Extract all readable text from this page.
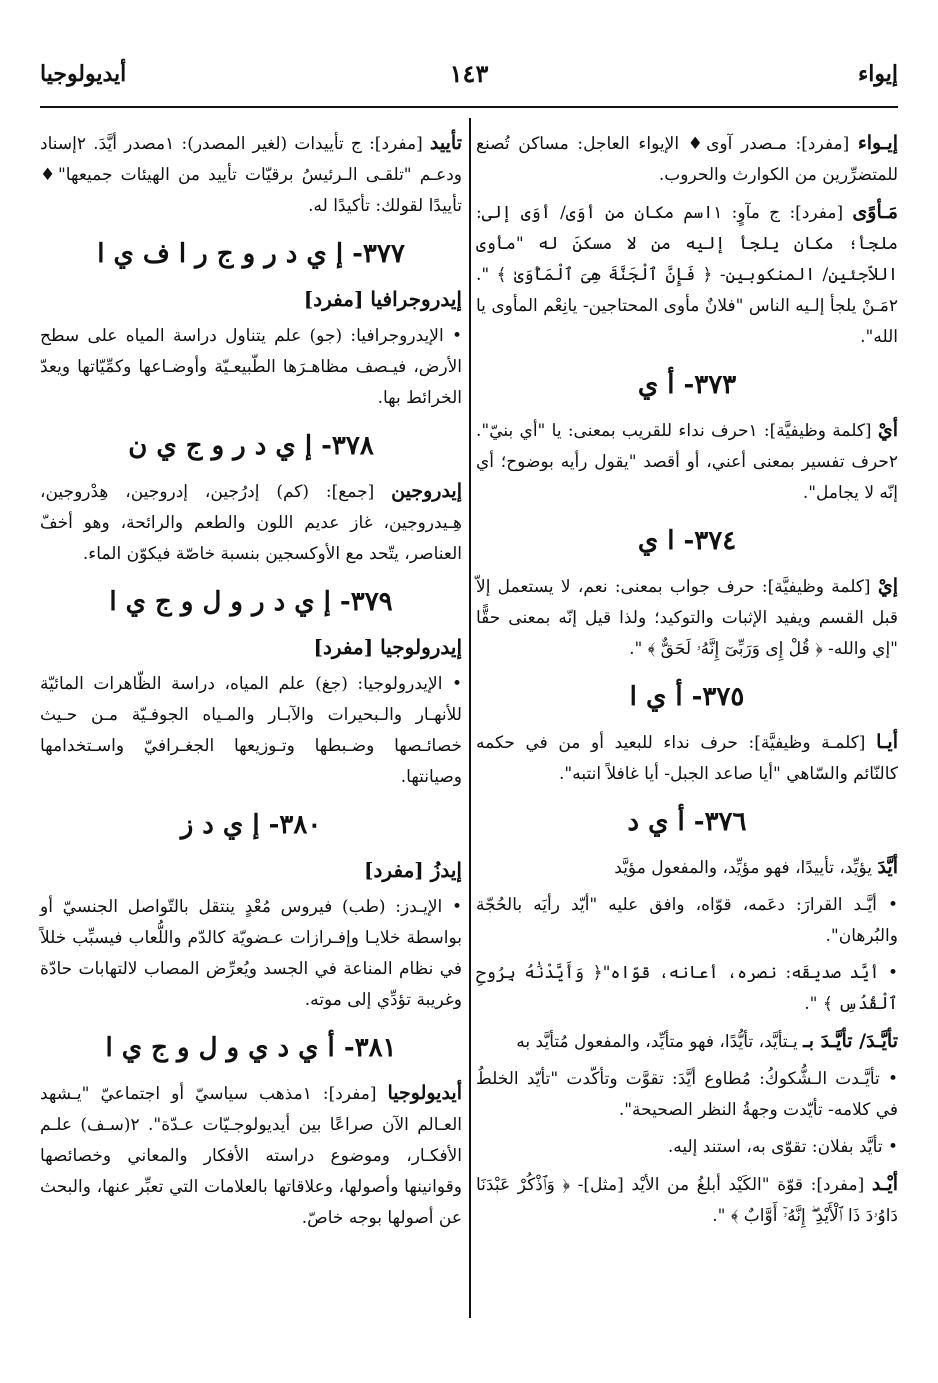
إيواء
١٤٣
أيديولوجيا

إيـواء [مفرد]: مـصدر آوى♦ الإيواء العاجل: مساكن تُصنع للمتضرِّرين من الكوارث والحروب.

مَـأوًى [مفرد]: ج مآوٍ: ١اسم مكان من أوَى/ أوَى إلى: ملجأ؛ مكان يلجأ إليه من لا مسكنَ له "مأوى اللاّجئين/ المنكوبين- ﴿ فَإِنَّ ٱلْجَنَّةَ هِىَ ٱلْمَأْوَىٰ ﴾ ". ٢مَـنْ يلجأ إلـيه الناس "فلانٌ مأوى المحتاجين- يانِعْم المأوى يا الله".

٣٧٣- أ ي

أيْ [كلمة وظيفيَّة]: ١حرف نداء للقريب بمعنى: يا "أي بنيّ". ٢حرف تفسير بمعنى أعني، أو أقصد "يقول رأيه بوضوح؛ أي إنّه لا يجامل".

٣٧٤- ا ي

إيْ [كلمة وظيفيَّة]: حرف جواب بمعنى: نعم، لا يستعمل إلاّ قبل القسم ويفيد الإثبات والتوكيد؛ ولذا قيل إنّه بمعنى حقًّا "إي والله- ﴿ قُلْ إِى وَرَبِّىٓ إِنَّهُۥ لَحَقٌّ ﴾ ".

٣٧٥- أ ي ا

أيـا [كلمـة وظيفيَّة]: حرف نداء للبعيد أو من في حكمه كالنّائم والسّاهي "أيا صاعد الجبل- أيا غافلاً انتبه".

٣٧٦- أ ي د

أيَّدَ يؤيِّد، تأييدًا، فهو مؤيِّد، والمفعول مؤيَّد

• أيَّـد القرارَ: دعَمه، قوّاه، وافق عليه "أيّد رأيَه بالحُجّة والبُرهان".

• أيَّد صديقَه: نصره، أعانه، قوّاه"﴿ وَأَيَّدْنَٰهُ بِرُوحِ ٱلْقُدُسِ ﴾ ".

تأيَّـدَ/ تأيَّـدَ بـ يـتأيَّد، تأيُّدًا، فهو متأيِّد، والمفعول مُتأيَّد به

• تأيَّـدت الـشُّكوكُ: مُطاوع أيَّدَ: تقوَّت وتأكّدت "تأيّد الخلطُ في كلامه- تأيّدت وجهةُ النظر الصحيحة".

• تأيَّد بفلان: تقوّى به، استند إليه.

أيْـد [مفرد]: قوّة "الكَيْد أبلغُ من الأيْد [مثل]- ﴿ وَٱذْكُرْ عَبْدَنَا دَاوُۥدَ ذَا ٱلْأَيْدِ ۖ إِنَّهُۥٓ أَوَّابٌ ﴾ ".

تأييد [مفرد]: ج تأييدات (لغير المصدر): ١مصدر أيَّدَ. ٢إسناد ودعـم "تلقـى الـرئيسُ برقيّات تأييد من الهيئات جميعها"♦ تأييدًا لقولك: تأكيدًا له.

٣٧٧- إ ي د ر و ج ر ا ف ي ا
إيدروجرافيا [مفرد]

• الإيدروجرافيا: (جو) علم يتناول دراسة المياه على سطح الأرض، فيـصف مظاهـرَها الطّبيعـيّة وأوضـاعها وكمِّيّاتها ويعدّ الخرائط بها.

٣٧٨- إ ي د ر و ج ي ن

إيدروجين [جمع]: (كم) إدرُجين، إدروجين، هِدْروجين، هِـيدروجين، غاز عديم اللون والطعم والرائحة، وهو أخفّ العناصر، يتّحد مع الأوكسجين بنسبة خاصّة فيكوّن الماء.

٣٧٩- إ ي د ر و ل و ج ي ا
إيدرولوجيا [مفرد]

• الإيدرولوجيا: (جغ) علم المياه، دراسة الظّاهرات المائيّة للأنهـار والـبحيرات والآبـار والمـياه الجوفـيّة مـن حـيث خصائـصها وضـبطها وتـوزيعها الجغـرافيّ واسـتخدامها وصيانتها.

٣٨٠- إ ي د ز
إيدزُ [مفرد]

• الإيـدز: (طب) فيروس مُعْدٍ ينتقل بالتّواصل الجنسيّ أو بواسطة خلايـا وإفـرازات عـضويّة كالدّم واللُّعاب فيسبِّب خللاً في نظام المناعة في الجسد ويُعرِّض المصاب لالتهابات حادّة وغريبة تؤدِّي إلى موته.

٣٨١- أ ي د ي و ل و ج ي ا

أيديولوجيا [مفرد]: ١مذهب سياسيّ أو اجتماعيّ "يـشهد العـالم الآن صراعًا بين أيديولوجـيّات عـدّة". ٢(سـف) علـم الأفكـار، وموضوع دراسته الأفكار والمعاني وخصائصها وقوانينها وأصولها، وعلاقاتها بالعلامات التي تعبِّر عنها، والبحث عن أصولها بوجه خاصّ.
